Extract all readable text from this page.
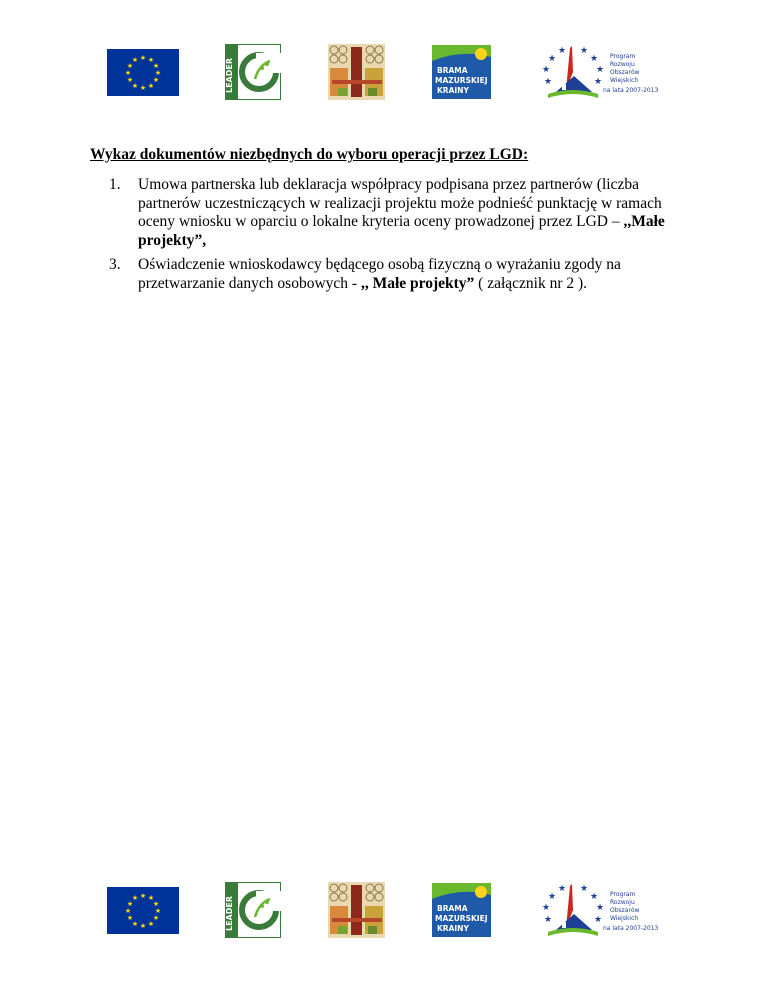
★ ★
★
★
★
★
★
★
★
★
★
★	LEADER	BRAMA
MAZURSKIEJ
KRAINY
★
★
★ ★
★
★
★	★
Program
Rozwoju
Obszarów
Wiejskich
na lata 2007-2013
Wykaz dokumentów niezbędnych do wyboru operacji przez LGD:
1. Umowa partnerska lub deklaracja współpracy podpisana przez partnerów (liczba partnerów uczestniczących w realizacji projektu może podnieść punktację w ramach oceny wniosku w oparciu o lokalne kryteria oceny prowadzonej przez LGD – ,,Małe projekty”,
3. Oświadczenie wnioskodawcy będącego osobą fizyczną o wyrażaniu zgody na przetwarzanie danych osobowych - ,, Małe projekty” ( załącznik nr 2 ).
★ ★
★
★
★
★
★
★
★
★
★
★	LEADER	BRAMA
MAZURSKIEJ
KRAINY
★
★
★ ★
★
★
★	★
Program
Rozwoju
Obszarów
Wiejskich
na lata 2007-2013
